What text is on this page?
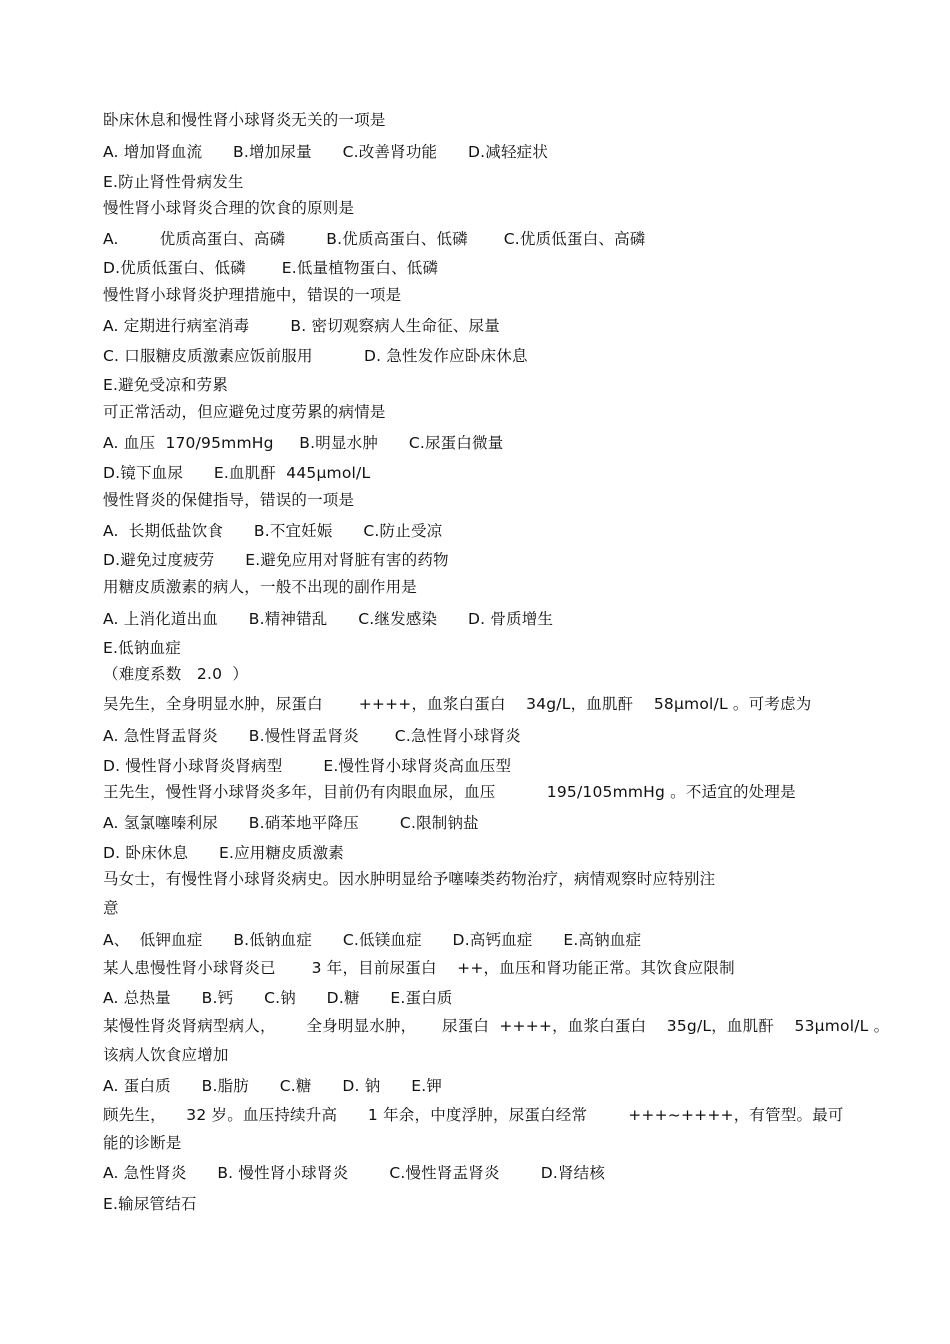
卧床休息和慢性肾小球肾炎无关的一项是
A. 增加肾血流      B.增加尿量      C.改善肾功能      D.减轻症状
E.防止肾性骨病发生
慢性肾小球肾炎合理的饮食的原则是
A.        优质高蛋白、高磷        B.优质高蛋白、低磷       C.优质低蛋白、高磷
D.优质低蛋白、低磷       E.低量植物蛋白、低磷
慢性肾小球肾炎护理措施中，错误的一项是
A. 定期进行病室消毒        B. 密切观察病人生命征、尿量
C. 口服糖皮质激素应饭前服用          D. 急性发作应卧床休息
E.避免受凉和劳累
可正常活动，但应避免过度劳累的病情是
A. 血压  170/95mmHg     B.明显水肿      C.尿蛋白微量
D.镜下血尿      E.血肌酐  445μmol/L
慢性肾炎的保健指导，错误的一项是
A.  长期低盐饮食      B.不宜妊娠      C.防止受凉
D.避免过度疲劳      E.避免应用对肾脏有害的药物
用糖皮质激素的病人，一般不出现的副作用是
A. 上消化道出血      B.精神错乱      C.继发感染      D. 骨质增生
E.低钠血症
（难度系数   2.0  ）
吴先生，全身明显水肿，尿蛋白       ++++，血浆白蛋白    34g/L，血肌酐    58μmol/L 。可考虑为
A. 急性肾盂肾炎      B.慢性肾盂肾炎       C.急性肾小球肾炎
D. 慢性肾小球肾炎肾病型        E.慢性肾小球肾炎高血压型
王先生，慢性肾小球肾炎多年，目前仍有肉眼血尿，血压          195/105mmHg 。不适宜的处理是
A. 氢氯噻嗪利尿      B.硝苯地平降压        C.限制钠盐
D. 卧床休息      E.应用糖皮质激素
马女士，有慢性肾小球肾炎病史。因水肿明显给予噻嗪类药物治疗，病情观察时应特别注
意
A、  低钾血症      B.低钠血症      C.低镁血症      D.高钙血症      E.高钠血症
某人患慢性肾小球肾炎已       3 年，目前尿蛋白    ++，血压和肾功能正常。其饮食应限制
A. 总热量      B.钙      C.钠      D.糖      E.蛋白质
某慢性肾炎肾病型病人，      全身明显水肿，     尿蛋白  ++++，血浆白蛋白    35g/L，血肌酐    53μmol/L 。
该病人饮食应增加
A. 蛋白质      B.脂肪      C.糖      D. 钠      E.钾
顾先生，    32 岁。血压持续升高      1 年余，中度浮肿，尿蛋白经常        +++~++++，有管型。最可
能的诊断是
A. 急性肾炎      B. 慢性肾小球肾炎        C.慢性肾盂肾炎        D.肾结核
E.输尿管结石
